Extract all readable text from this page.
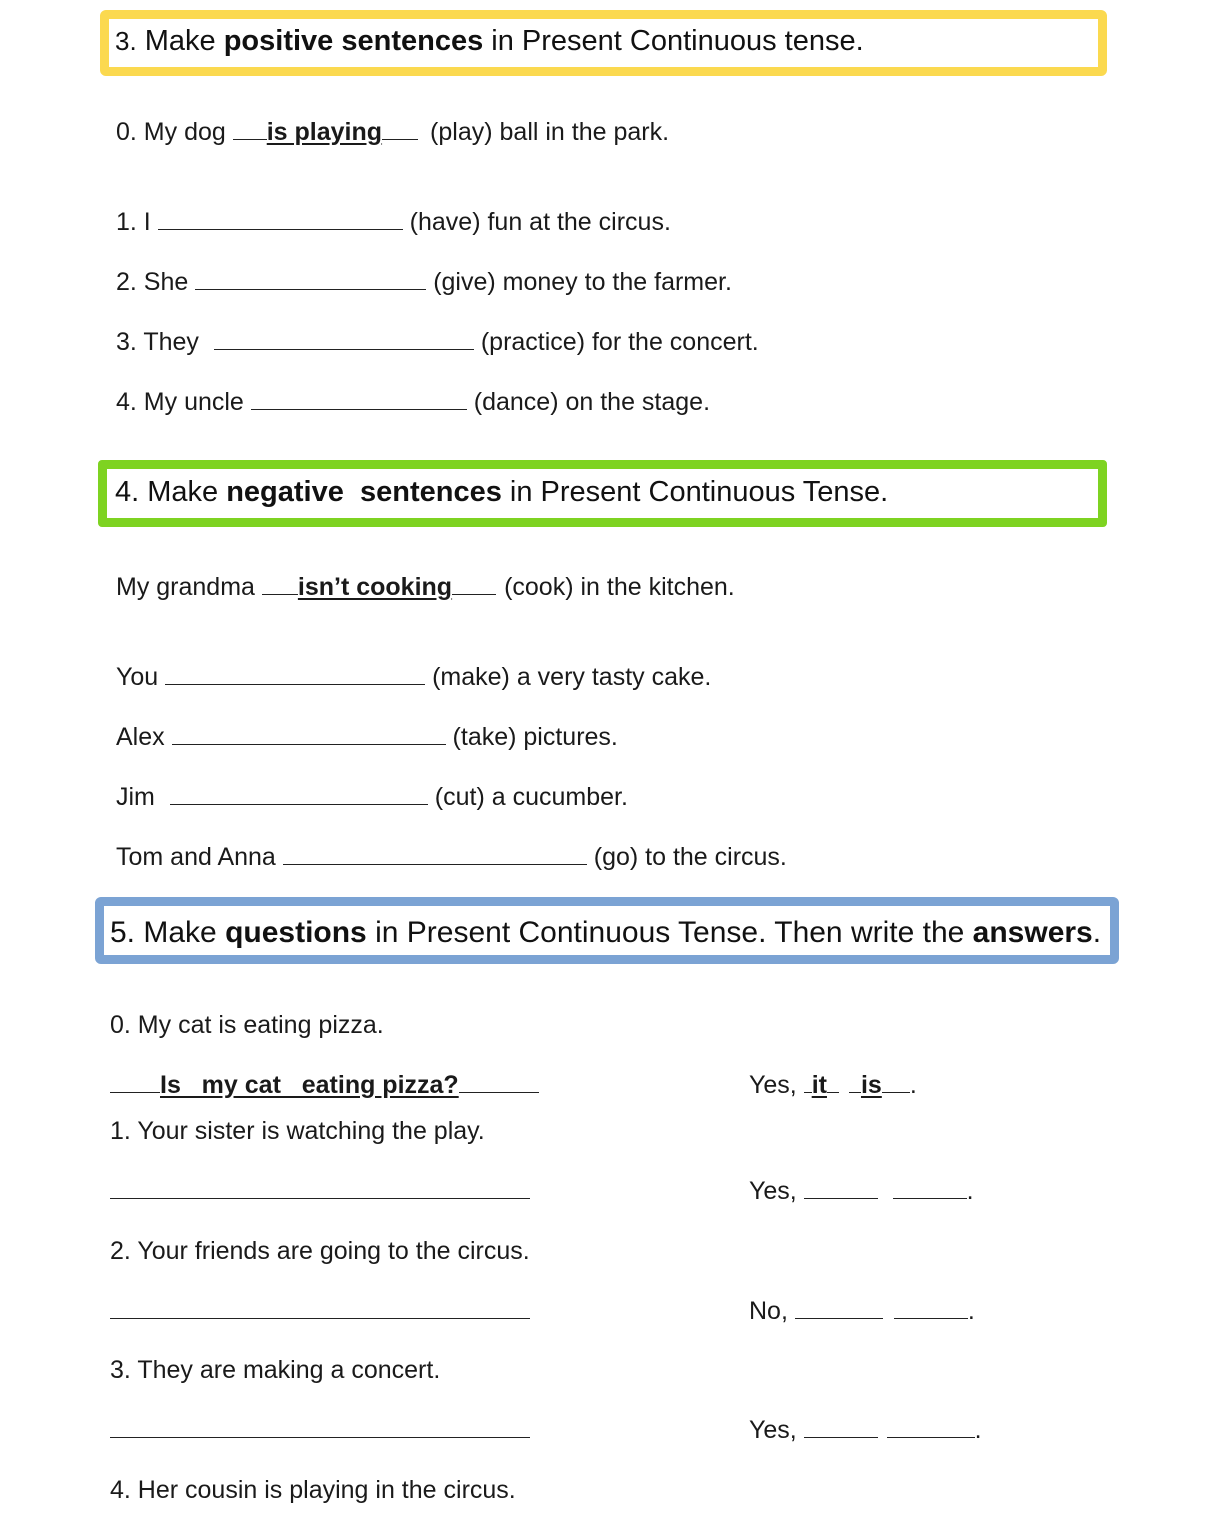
3. Make positive sentences in Present Continuous tense.
0. My dog is playing (play) ball in the park.
1. I	(have) fun at the circus.
2. She	(give) money to the farmer.
3. They	(practice) for the concert.
4. My uncle	(dance) on the stage.
4. Make negative  sentences in Present Continuous Tense.
My grandma isn’t cooking (cook) in the kitchen.
You	(make) a very tasty cake.
Alex	(take) pictures.
Jim	(cut) a cucumber.
Tom and Anna	(go) to the circus.
5. Make questions in Present Continuous Tense. Then write the answers.
0. My cat is eating pizza.
Is   my cat   eating pizza?	Yes, it is .
1. Your sister is watching the play.
Yes,	.
2. Your friends are going to the circus.
No,	.
3. They are making a concert.
Yes,	.
4. Her cousin is playing in the circus.
